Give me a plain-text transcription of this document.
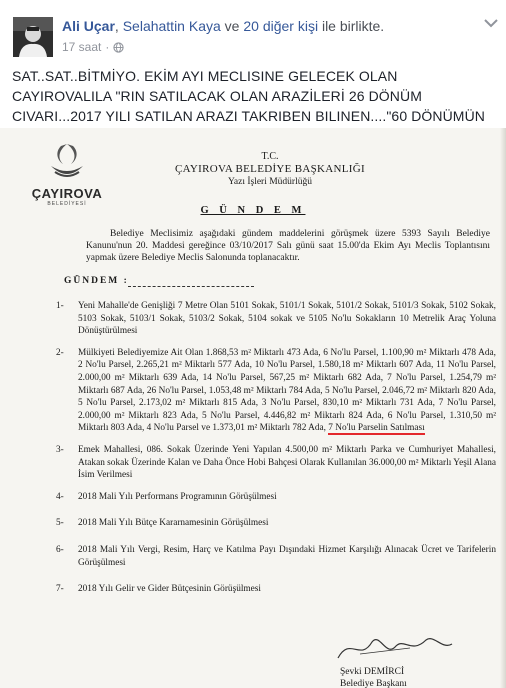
Ali Uçar, Selahattin Kaya ve 20 diğer kişi ile birlikte.
17 saat ·
SAT..SAT..BİTMİYO. EKİM AYI MECLISINE GELECEK OLAN CAYIROVALILA "RIN SATILACAK OLAN ARAZİLERİ 26 DÖNÜM CIVARI...2017 YILI SATILAN ARAZI TAKRIBEN BILINEN...."60 DÖNÜMÜN
ÇAYIROVA
BELEDİYESİ
T.C.
ÇAYIROVA BELEDİYE BAŞKANLIĞI
Yazı İşleri Müdürlüğü
G Ü N D E M
Belediye Meclisimiz aşağıdaki gündem maddelerini görüşmek üzere 5393 Sayılı Belediye Kanunu'nun 20. Maddesi gereğince 03/10/2017 Salı günü saat 15.00'da Ekim Ayı Meclis Toplantısını yapmak üzere Belediye Meclis Salonunda toplanacaktır.
GÜNDEM :
1- Yeni Mahalle'de Genişliği 7 Metre Olan 5101 Sokak, 5101/1 Sokak, 5101/2 Sokak, 5101/3 Sokak, 5102 Sokak, 5103 Sokak, 5103/1 Sokak, 5103/2 Sokak, 5104 sokak ve 5105 No'lu Sokakların 10 Metrelik Araç Yoluna Dönüştürülmesi
2- Mülkiyeti Belediyemize Ait Olan 1.868,53 m² Miktarlı 473 Ada, 6 No'lu Parsel, 1.100,90 m² Miktarlı 478 Ada, 2 No'lu Parsel, 2.265,21 m² Miktarlı 577 Ada, 10 No'lu Parsel, 1.580,18 m² Miktarlı 607 Ada, 11 No'lu Parsel, 2.000,00 m² Miktarlı 639 Ada, 14 No'lu Parsel, 567,25 m² Miktarlı 682 Ada, 7 No'lu Parsel, 1.254,79 m² Miktarlı 687 Ada, 26 No'lu Parsel, 1.053,48 m² Miktarlı 784 Ada, 5 No'lu Parsel, 2.046,72 m² Miktarlı 820 Ada, 5 No'lu Parsel, 2.173,02 m² Miktarlı 815 Ada, 3 No'lu Parsel, 830,10 m² Miktarlı 731 Ada, 7 No'lu Parsel, 2.000,00 m² Miktarlı 823 Ada, 5 No'lu Parsel, 4.446,82 m² Miktarlı 824 Ada, 6 No'lu Parsel, 1.310,50 m² Miktarlı 803 Ada, 4 No'lu Parsel ve 1.373,01 m² Miktarlı 782 Ada, 7 No'lu Parselin Satılması
3- Emek Mahallesi, 086. Sokak Üzerinde Yeni Yapılan 4.500,00 m² Miktarlı Parka ve Cumhuriyet Mahallesi, Atakan sokak Üzerinde Kalan ve Daha Önce Hobi Bahçesi Olarak Kullanılan 36.000,00 m² Miktarlı Yeşil Alana İsim Verilmesi
4- 2018 Mali Yılı Performans Programının Görüşülmesi
5- 2018 Mali Yılı Bütçe Kararnamesinin Görüşülmesi
6- 2018 Mali Yılı Vergi, Resim, Harç ve Katılma Payı Dışındaki Hizmet Karşılığı Alınacak Ücret ve Tarifelerin Görüşülmesi
7- 2018 Yılı Gelir ve Gider Bütçesinin Görüşülmesi
Şevki DEMİRCİ
Belediye Başkanı
